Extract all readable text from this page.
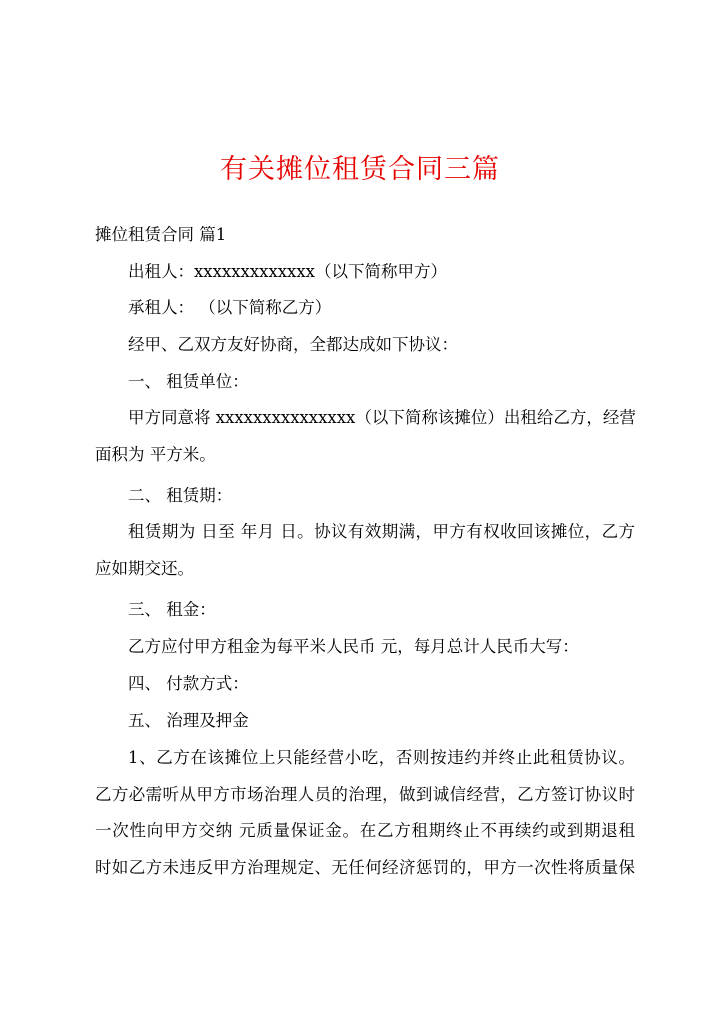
有关摊位租赁合同三篇

摊位租赁合同 篇1

出租人：xxxxxxxxxxxxx（以下简称甲方）

承租人： （以下简称乙方）

经甲、乙双方友好协商，全都达成如下协议：

一、 租赁单位：

甲方同意将 xxxxxxxxxxxxxxx（以下简称该摊位）出租给乙方，经营
面积为 平方米。

二、 租赁期：

租赁期为 日至 年月 日。协议有效期满，甲方有权收回该摊位，乙方
应如期交还。

三、 租金：

乙方应付甲方租金为每平米人民币 元，每月总计人民币大写：

四、 付款方式：

五、 治理及押金

1、乙方在该摊位上只能经营小吃，否则按违约并终止此租赁协议。
乙方必需听从甲方市场治理人员的治理，做到诚信经营，乙方签订协议时
一次性向甲方交纳 元质量保证金。在乙方租期终止不再续约或到期退租
时如乙方未违反甲方治理规定、无任何经济惩罚的，甲方一次性将质量保
